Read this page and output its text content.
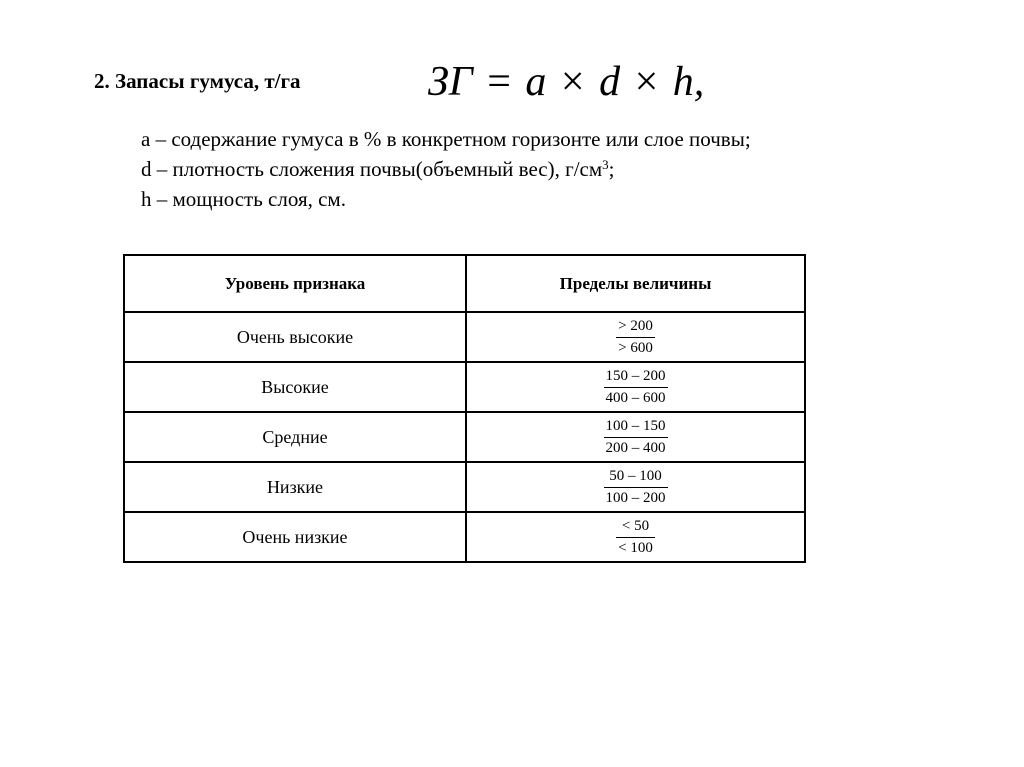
2. Запасы гумуса, т/га	ЗГ = a × d × h,
a – содержание гумуса в % в конкретном горизонте или слое почвы;
d – плотность сложения почвы(объемный вес), $г/см^3$;
h – мощность слоя, см.
Уровень признака	Пределы величины
Очень высокие	$\frac{> 200}{> 600}$

Высокие	$\frac{150 - 200}{400 - 600}$

Средние	$\frac{100 - 150}{200 - 400}$

Низкие	$\frac{50 - 100}{100 - 200}$

Очень низкие	$\frac{< 50}{< 100}$
